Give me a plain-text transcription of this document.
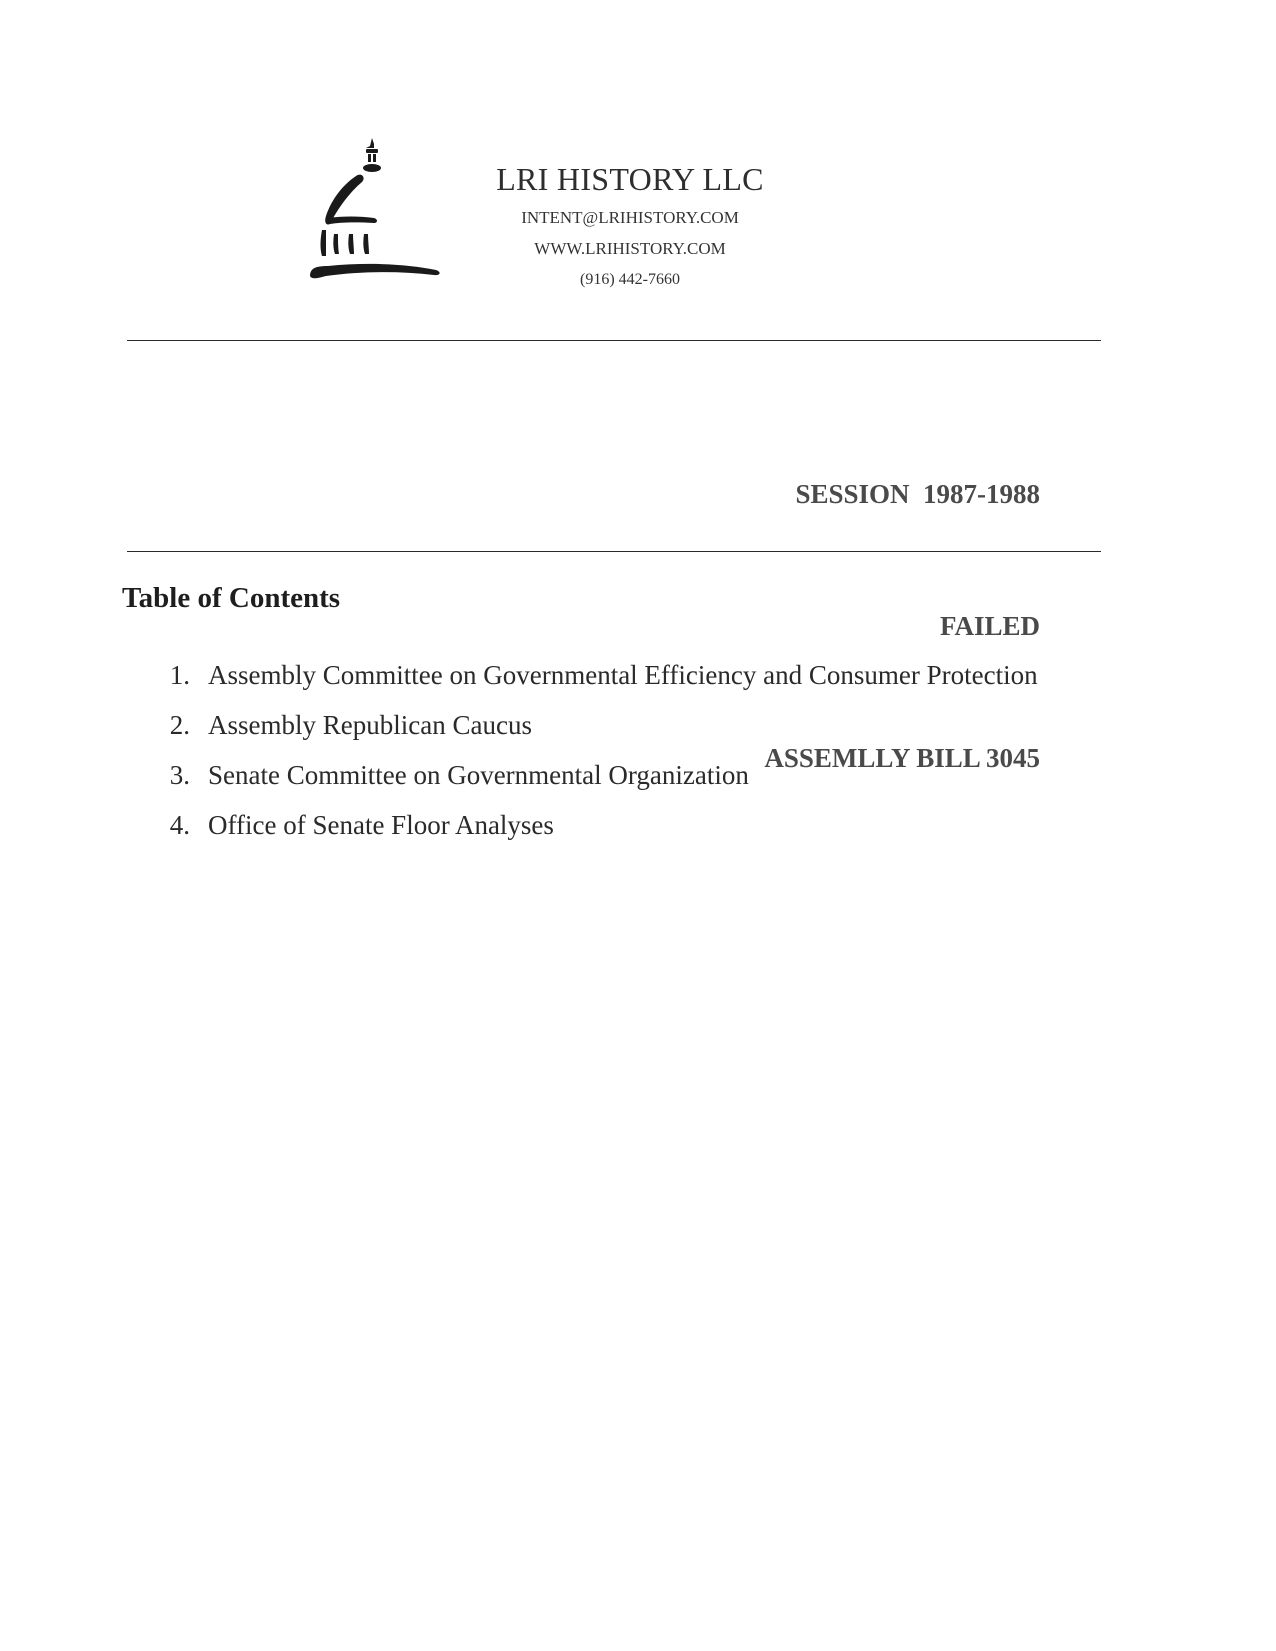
LRI HISTORY LLC
INTENT@LRIHISTORY.COM
WWW.LRIHISTORY.COM
(916) 442-7660

SESSION  1987-1988

FAILED

ASSEMLLY BILL 3045

Table of Contents
1. Assembly Committee on Governmental Efficiency and Consumer Protection
2. Assembly Republican Caucus
3. Senate Committee on Governmental Organization
4. Office of Senate Floor Analyses
